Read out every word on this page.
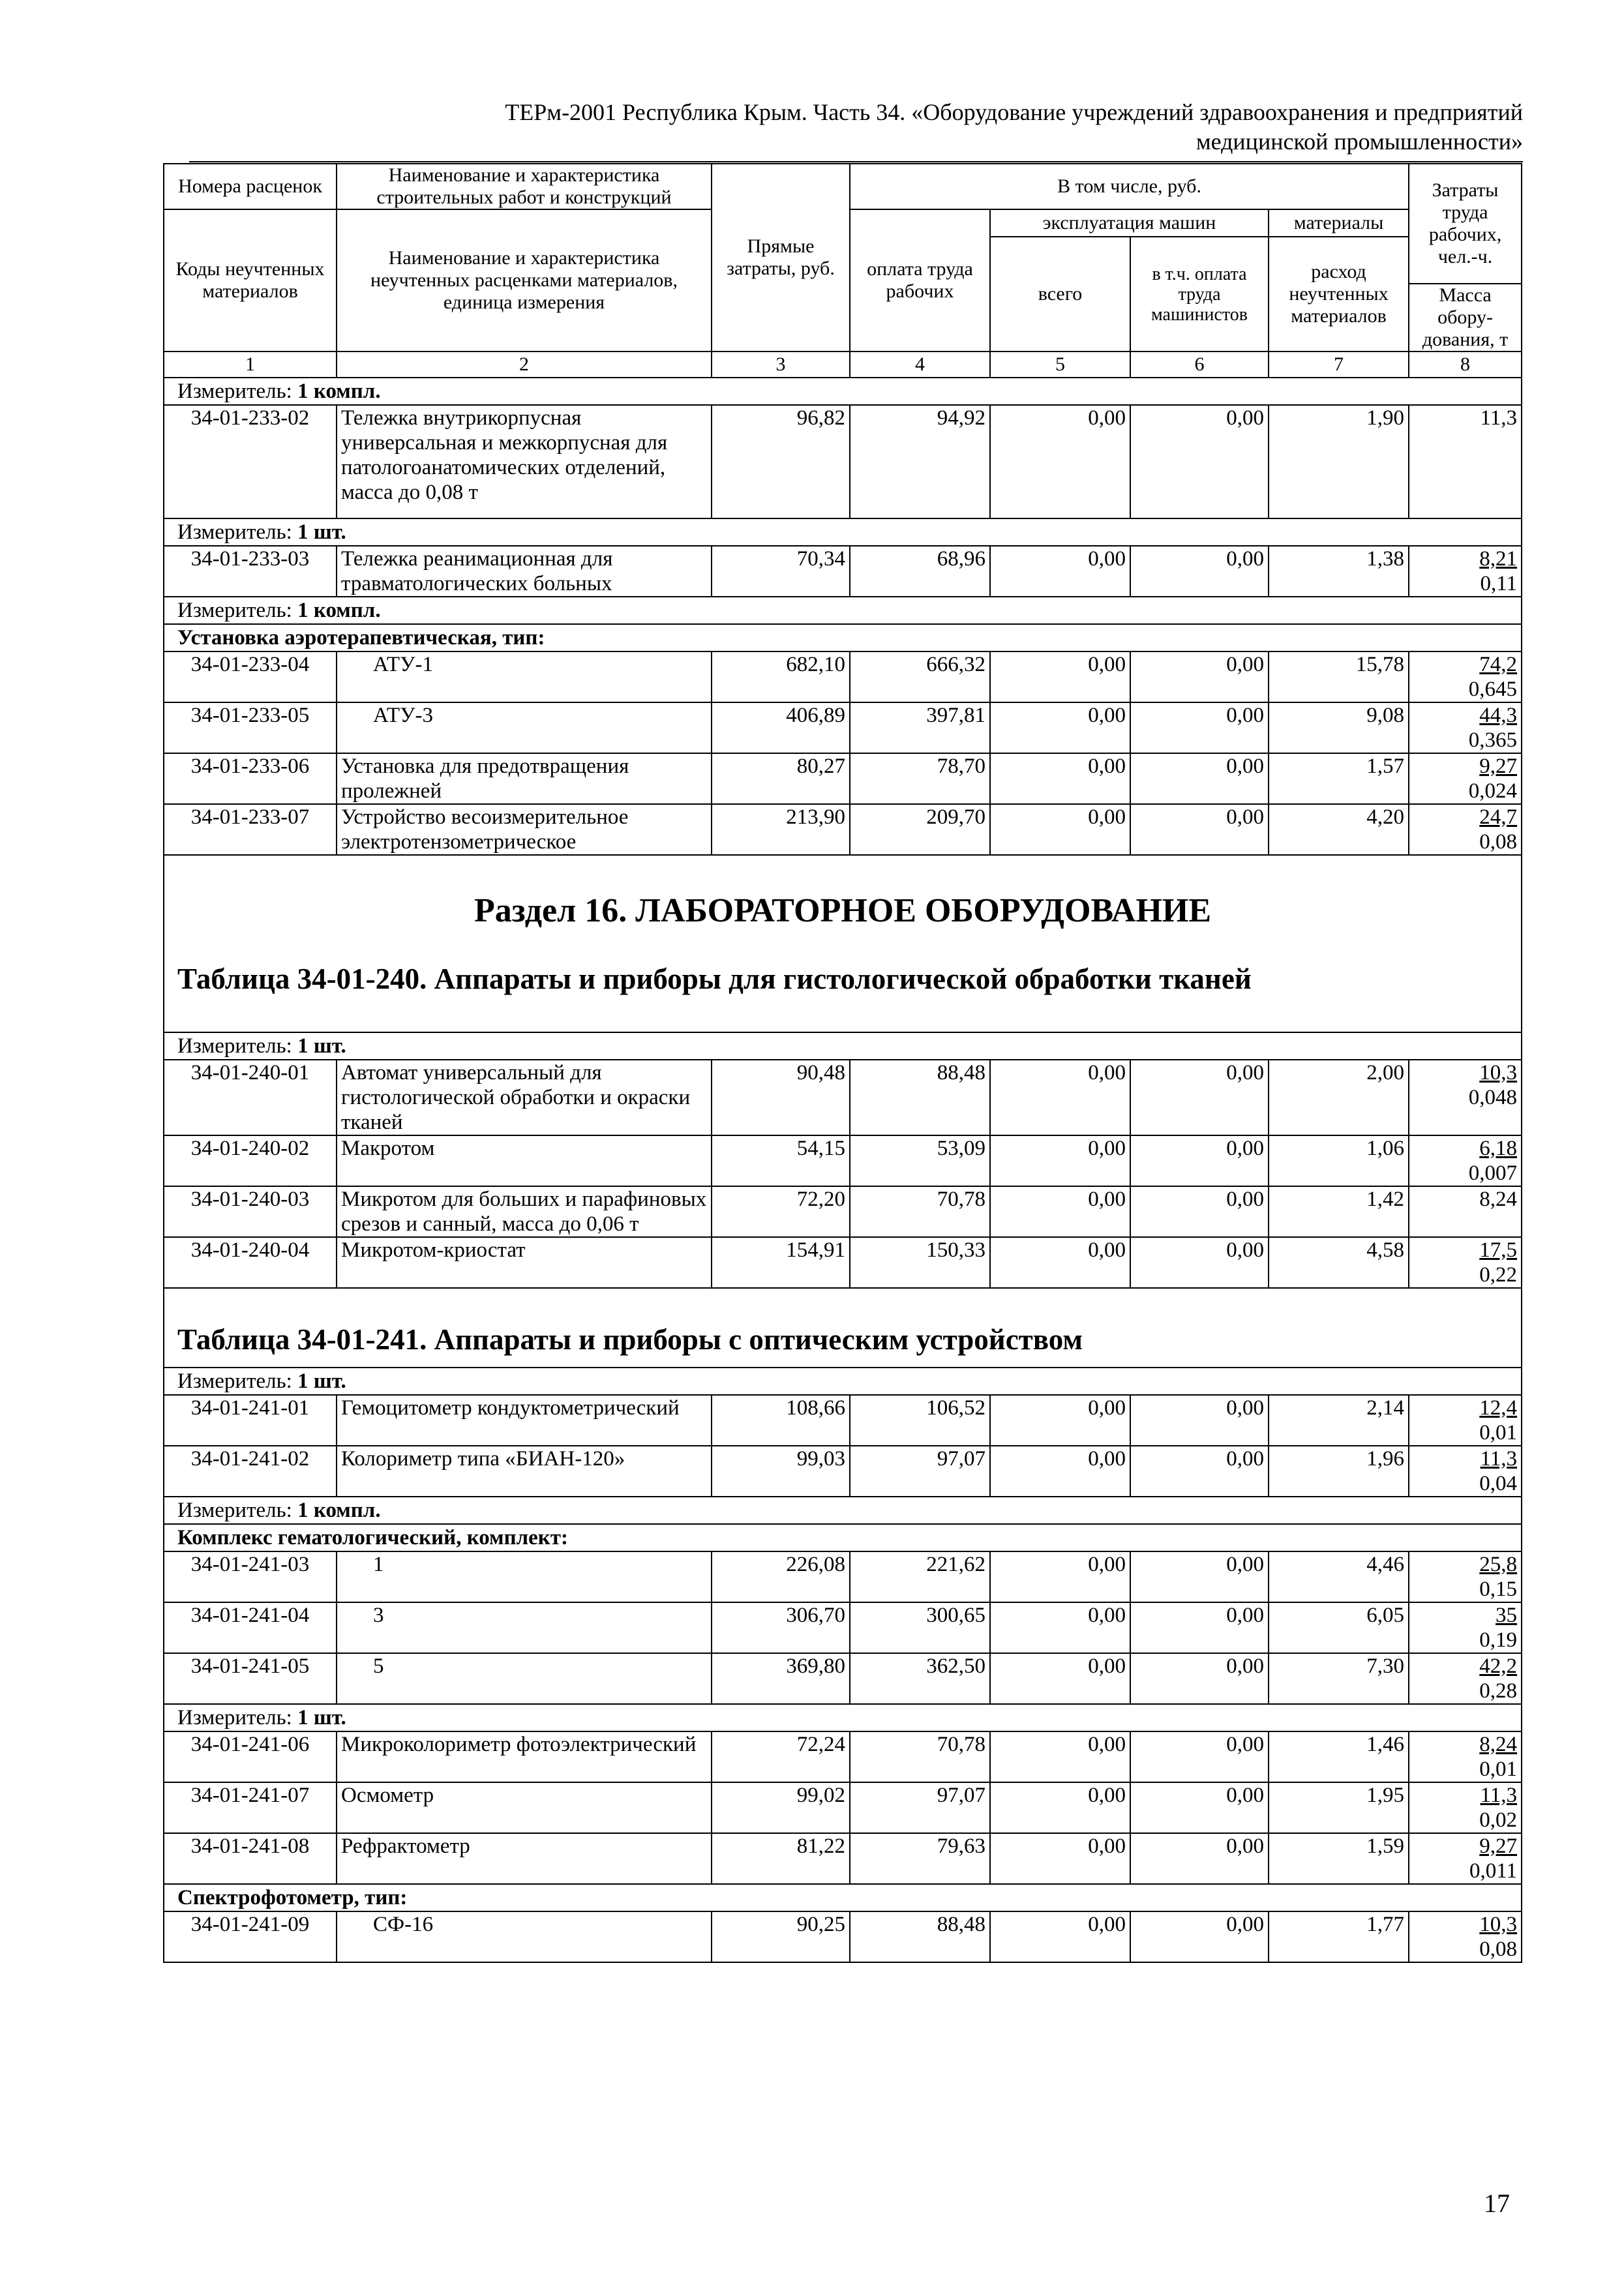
ТЕРм-2001 Республика Крым. Часть 34. «Оборудование учреждений здравоохранения и предприятий
медицинской промышленности»
Номера расценок	Наименование и характеристика строительных работ и конструкций	Прямые затраты, руб.	В том числе, руб.				Затраты труда рабочих, чел.-ч.
Коды неучтенных материалов	Наименование и характеристика неучтенных расценками материалов, единица измерения		оплата труда рабочих	эксплуатация машин		материалы	
				всего	в т.ч. оплата труда машинистов	расход неучтенных материалов	
							Масса обору-дования, т
1	2	3	4	5	6	7	8
Измеритель: 1 компл.							
34-01-233-02	Тележка внутрикорпусная универсальная и межкорпусная для патологоанатомических отделений, масса до 0,08 т	96,82	94,92	0,00	0,00	1,90	11,3
Измеритель: 1 шт.							
34-01-233-03	Тележка реанимационная для травматологических больных	70,34	68,96	0,00	0,00	1,38	8,21
0,11

Измеритель: 1 компл.							
Установка аэротерапевтическая, тип:							
34-01-233-04	АТУ-1	682,10	666,32	0,00	0,00	15,78	74,2
0,645

34-01-233-05	АТУ-3	406,89	397,81	0,00	0,00	9,08	44,3
0,365

34-01-233-06	Установка для предотвращения пролежней	80,27	78,70	0,00	0,00	1,57	9,27
0,024

34-01-233-07	Устройство весоизмерительное электротензометрическое	213,90	209,70	0,00	0,00	4,20	24,7
0,08

Раздел 16. ЛАБОРАТОРНОЕ ОБОРУДОВАНИЕ
Таблица 34-01-240. Аппараты и приборы для гистологической обработки тканей							

Измеритель: 1 шт.							
34-01-240-01	Автомат универсальный для гистологической обработки и окраски тканей	90,48	88,48	0,00	0,00	2,00	10,3
0,048

34-01-240-02	Макротом	54,15	53,09	0,00	0,00	1,06	6,18
0,007

34-01-240-03	Микротом для больших и парафиновых срезов и санный, масса до 0,06 т	72,20	70,78	0,00	0,00	1,42	8,24

34-01-240-04	Микротом-криостат	154,91	150,33	0,00	0,00	4,58	17,5
0,22

Таблица 34-01-241. Аппараты и приборы с оптическим устройством							

Измеритель: 1 шт.							
34-01-241-01	Гемоцитометр кондуктометрический	108,66	106,52	0,00	0,00	2,14	12,4
0,01

34-01-241-02	Колориметр типа «БИАН-120»	99,03	97,07	0,00	0,00	1,96	11,3
0,04

Измеритель: 1 компл.							
Комплекс гематологический, комплект:							
34-01-241-03	1	226,08	221,62	0,00	0,00	4,46	25,8
0,15

34-01-241-04	3	306,70	300,65	0,00	0,00	6,05	35
0,19

34-01-241-05	5	369,80	362,50	0,00	0,00	7,30	42,2
0,28

Измеритель: 1 шт.							
34-01-241-06	Микроколориметр фотоэлектрический	72,24	70,78	0,00	0,00	1,46	8,24
0,01

34-01-241-07	Осмометр	99,02	97,07	0,00	0,00	1,95	11,3
0,02

34-01-241-08	Рефрактометр	81,22	79,63	0,00	0,00	1,59	9,27
0,011

Спектрофотометр, тип:							
34-01-241-09	СФ-16	90,25	88,48	0,00	0,00	1,77	10,3
0,08
17
